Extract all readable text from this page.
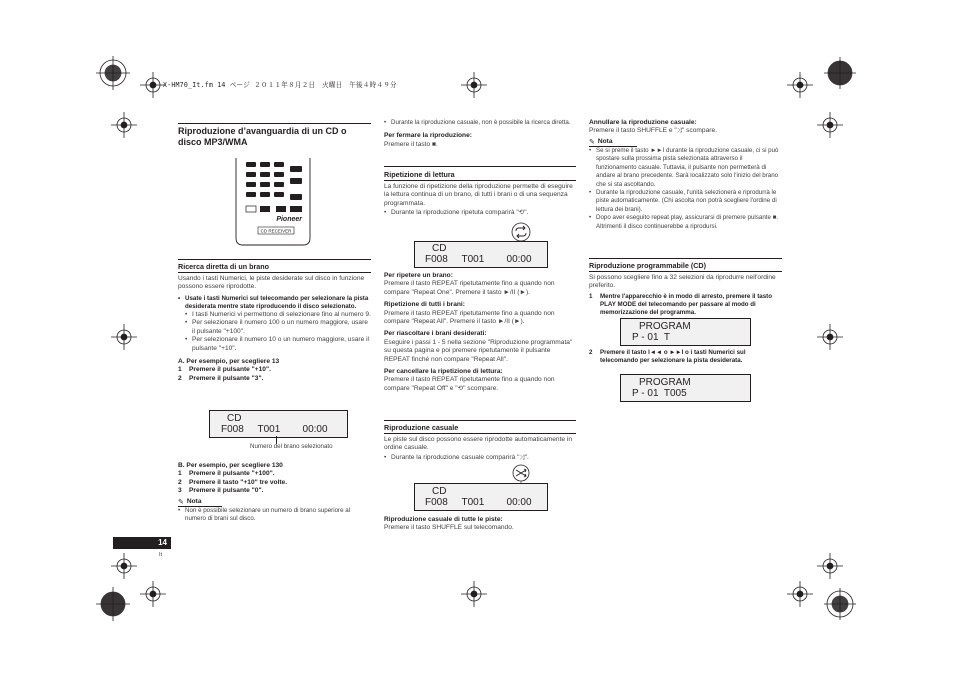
X-HM70_It.fm 14 ページ ２０１１年８月２日　火曜日　午後４時４９分
14
It
Riproduzione d’avanguardia di un CD o disco MP3/WMA
Pioneer
CD RECEIVER
Ricerca diretta di un brano
Usando i tasti Numerici, le piste desiderate sul disco in funzione possono essere riprodotte.
• Usate i tasti Numerici sul telecomando per selezionare la pista desiderata mentre state riproducendo il disco selezionato.
• I tasti Numerici vi permettono di selezionare fino al numero 9.
• Per selezionare il numero 100 o un numero maggiore, usare il pulsante "+100".
• Per selezionare il numero 10 o un numero maggiore, usare il pulsante "+10".
A. Per esempio, per scegliere 13
1 Premere il pulsante "+10".
2 Premere il pulsante "3".
CD
F008     T001        00:00
Numero del brano selezionato
B. Per esempio, per scegliere 130
1 Premere il pulsante "+100".
2 Premere il tasto "+10" tre volte.
3 Premere il pulsante "0".
✎ Nota
• Non è possibile selezionare un numero di brano superiore al numero di brani sul disco.
• Durante la riproduzione casuale, non è possibile la ricerca diretta.
Per fermare la riproduzione:
Premere il tasto ■.
Ripetizione di lettura
La funzione di ripetizione della riproduzione permette di eseguire la lettura continua di un brano, di tutti i brani o di una sequenza programmata.
• Durante la riproduzione ripetuta comparirà "⟲".
CD
F008     T001        00:00
Per ripetere un brano:
Premere il tasto REPEAT ripetutamente fino a quando non compare "Repeat One". Premere il tasto ►/II (►).
Ripetizione di tutti i brani:
Premere il tasto REPEAT ripetutamente fino a quando non compare "Repeat All". Premere il tasto ►/II (►).
Per riascoltare i brani desiderati:
Eseguire i passi 1 - 5 nella sezione "Riproduzione programmata" su questa pagina e poi premere ripetutamente il pulsante REPEAT finché non compare "Repeat All".
Per cancellare la ripetizione di lettura:
Premere il tasto REPEAT ripetutamente fino a quando non compare "Repeat Off" e "⟲" scompare.
Riproduzione casuale
Le piste sul disco possono essere riprodotte automaticamente in ordine casuale.
• Durante la riproduzione casuale comparirà "⤨".
CD
F008     T001        00:00
Riproduzione casuale di tutte le piste:
Premere il tasto SHUFFLE sul telecomando.
Annullare la riproduzione casuale:
Premere il tasto SHUFFLE e "⤨" scompare.
✎ Nota
• Se si preme il tasto ►►I durante la riproduzione casuale, ci si può spostare sulla prossima pista selezionata attraverso il funzionamento casuale. Tuttavia, il pulsante non permetterà di andare al brano precedente. Sarà localizzato solo l'inizio del brano che si sta ascoltando.
• Durante la riproduzione casuale, l'unità selezionerà e riprodurrà le piste automaticamente. (Chi ascolta non potrà scegliere l'ordine di lettura dei brani).
• Dopo aver eseguito repeat play, assicurarsi di premere pulsante ■. Altrimenti il disco continuerebbe a riprodursi.
Riproduzione programmabile (CD)
Si possono scegliere fino a 32 selezioni da riprodurre nell'ordine preferito.
1 Mentre l'apparecchio è in modo di arresto, premere il tasto PLAY MODE del telecomando per passare al modo di memorizzazione del programma.
PROGRAM
P - 01  T
2 Premere il tasto I◄◄ o ►►I o i tasti Numerici sul telecomando per selezionare la pista desiderata.
PROGRAM
P - 01  T005
